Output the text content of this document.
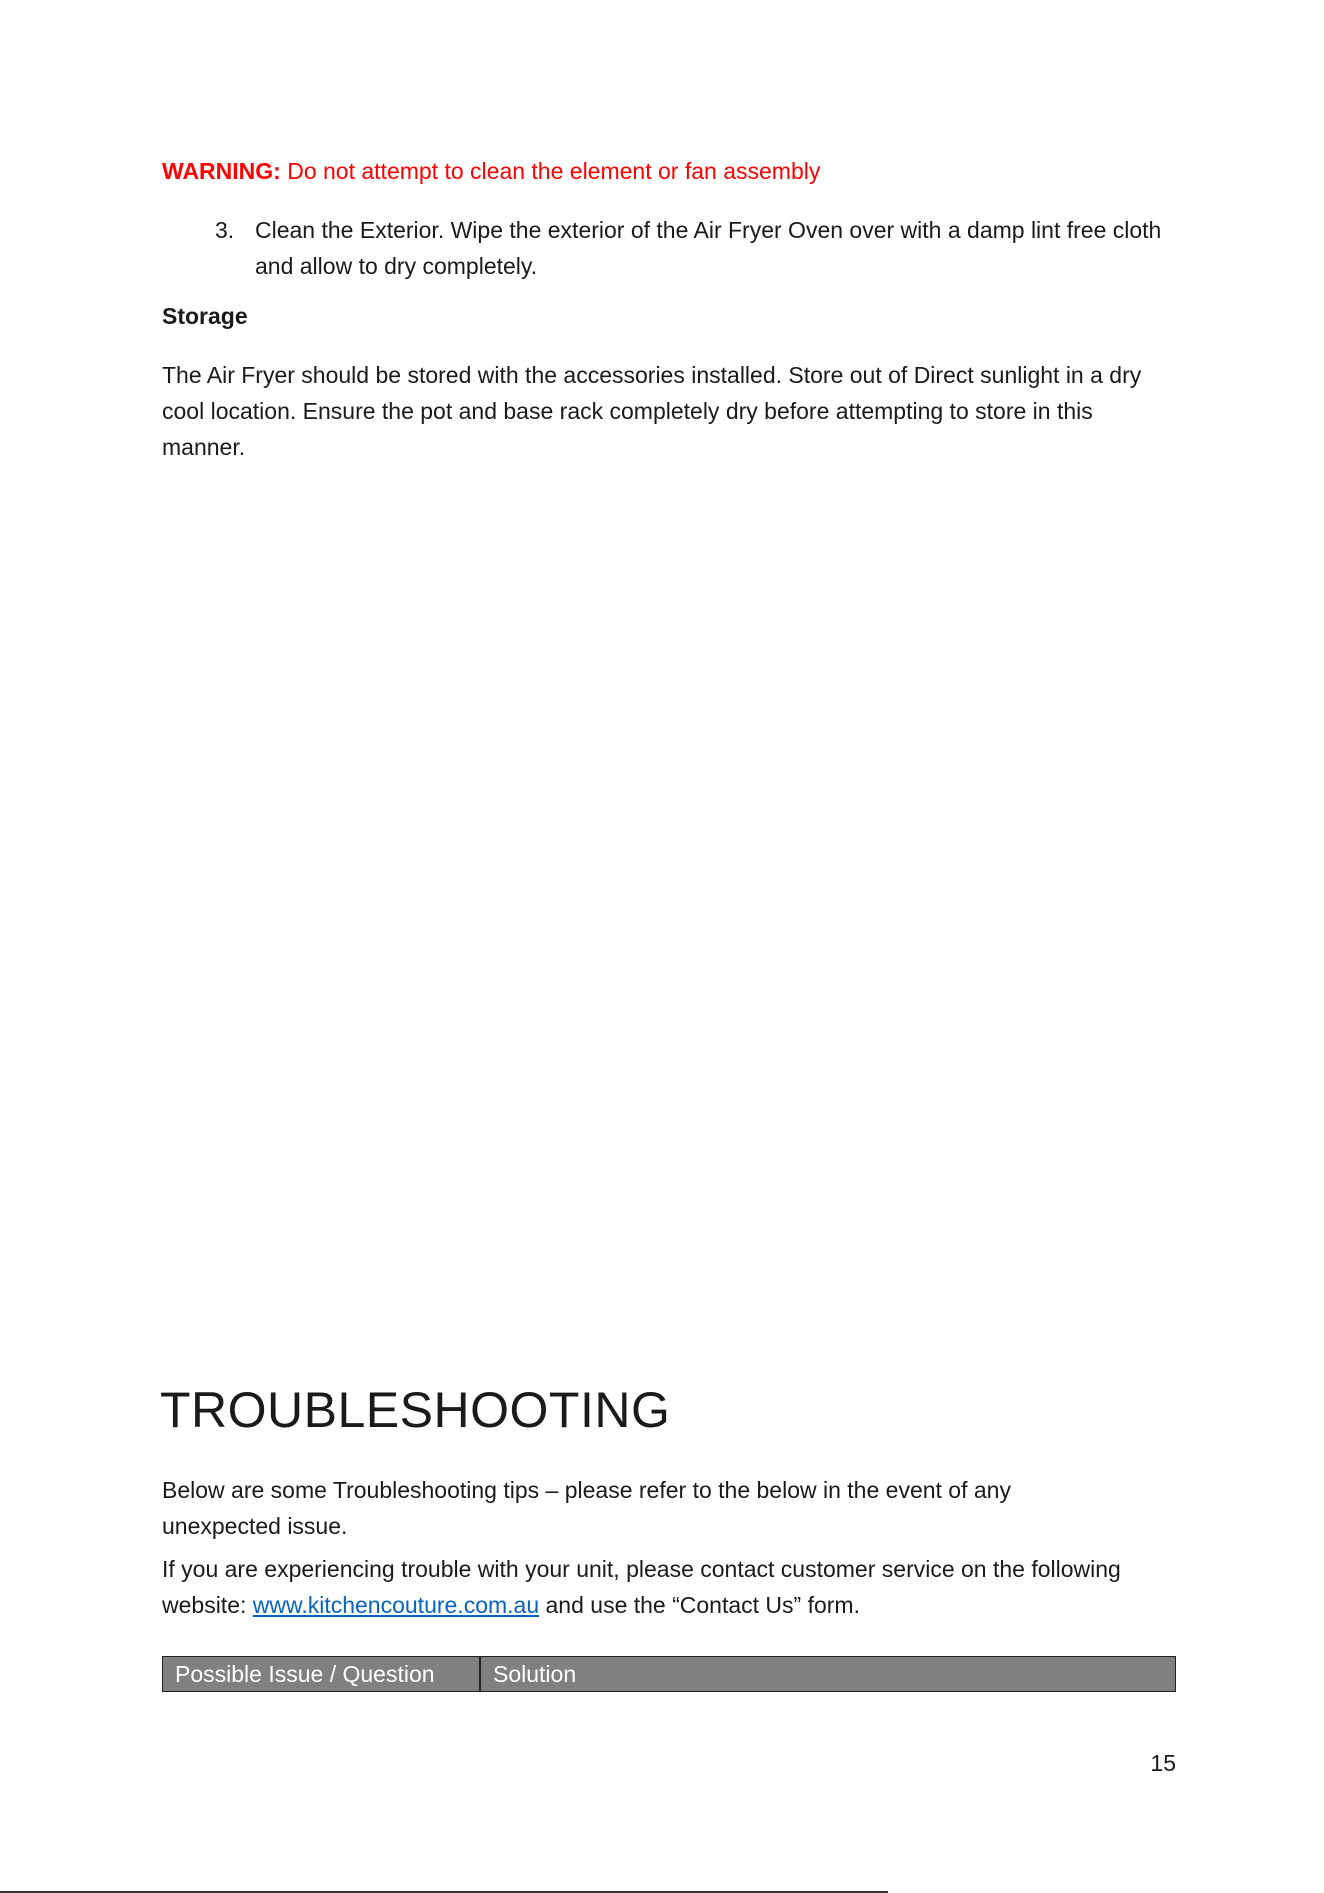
WARNING: Do not attempt to clean the element or fan assembly
3. Clean the Exterior. Wipe the exterior of the Air Fryer Oven over with a damp lint free cloth and allow to dry completely.
Storage
The Air Fryer should be stored with the accessories installed. Store out of Direct sunlight in a dry cool location. Ensure the pot and base rack completely dry before attempting to store in this manner.
TROUBLESHOOTING
Below are some Troubleshooting tips – please refer to the below in the event of any unexpected issue.
If you are experiencing trouble with your unit, please contact customer service on the following website: www.kitchencouture.com.au and use the “Contact Us” form.
Possible Issue / Question	Solution
15
